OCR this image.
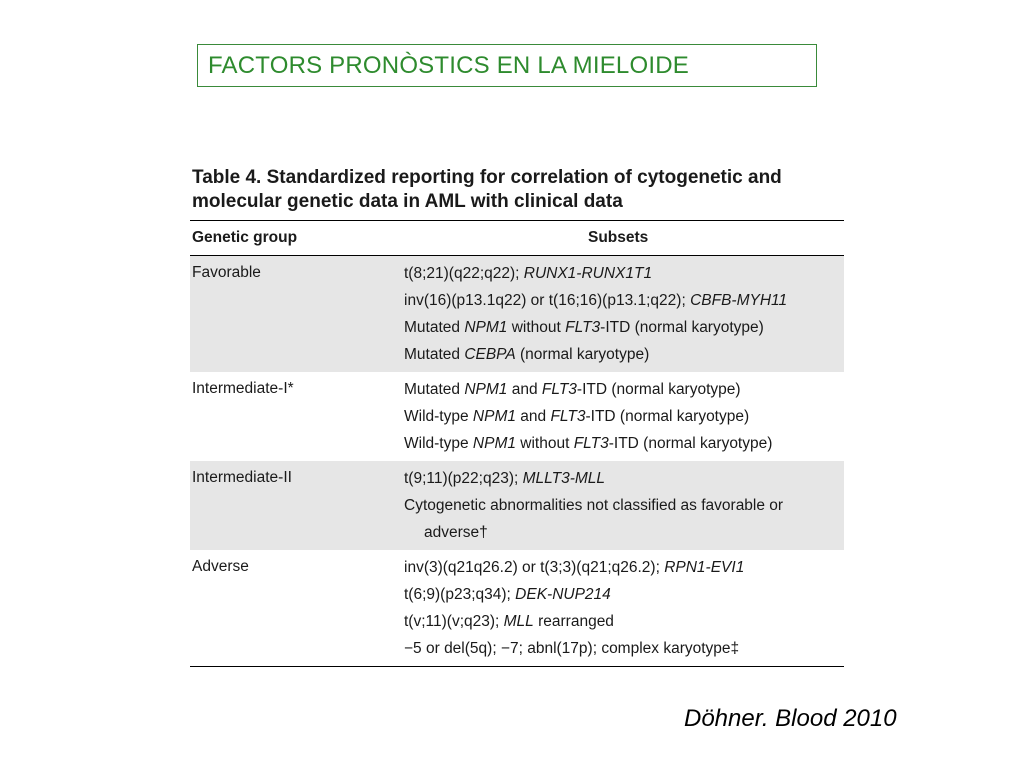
FACTORS PRONÒSTICS EN LA MIELOIDE
Table 4. Standardized reporting for correlation of cytogenetic and molecular genetic data in AML with clinical data
Genetic group Subsets	

Favorable	t(8;21)(q22;q22); RUNX1-RUNX1T1
inv(16)(p13.1q22) or t(16;16)(p13.1;q22); CBFB-MYH11
Mutated NPM1 without FLT3-ITD (normal karyotype)
Mutated CEBPA (normal karyotype)

Intermediate-I*	Mutated NPM1 and FLT3-ITD (normal karyotype)
Wild-type NPM1 and FLT3-ITD (normal karyotype)
Wild-type NPM1 without FLT3-ITD (normal karyotype)

Intermediate-II	t(9;11)(p22;q23); MLLT3-MLL
Cytogenetic abnormalities not classified as favorable or
adverse†

Adverse	inv(3)(q21q26.2) or t(3;3)(q21;q26.2); RPN1-EVI1
t(6;9)(p23;q34); DEK-NUP214
t(v;11)(v;q23); MLL rearranged
−5 or del(5q); −7; abnl(17p); complex karyotype‡
Döhner. Blood 2010
